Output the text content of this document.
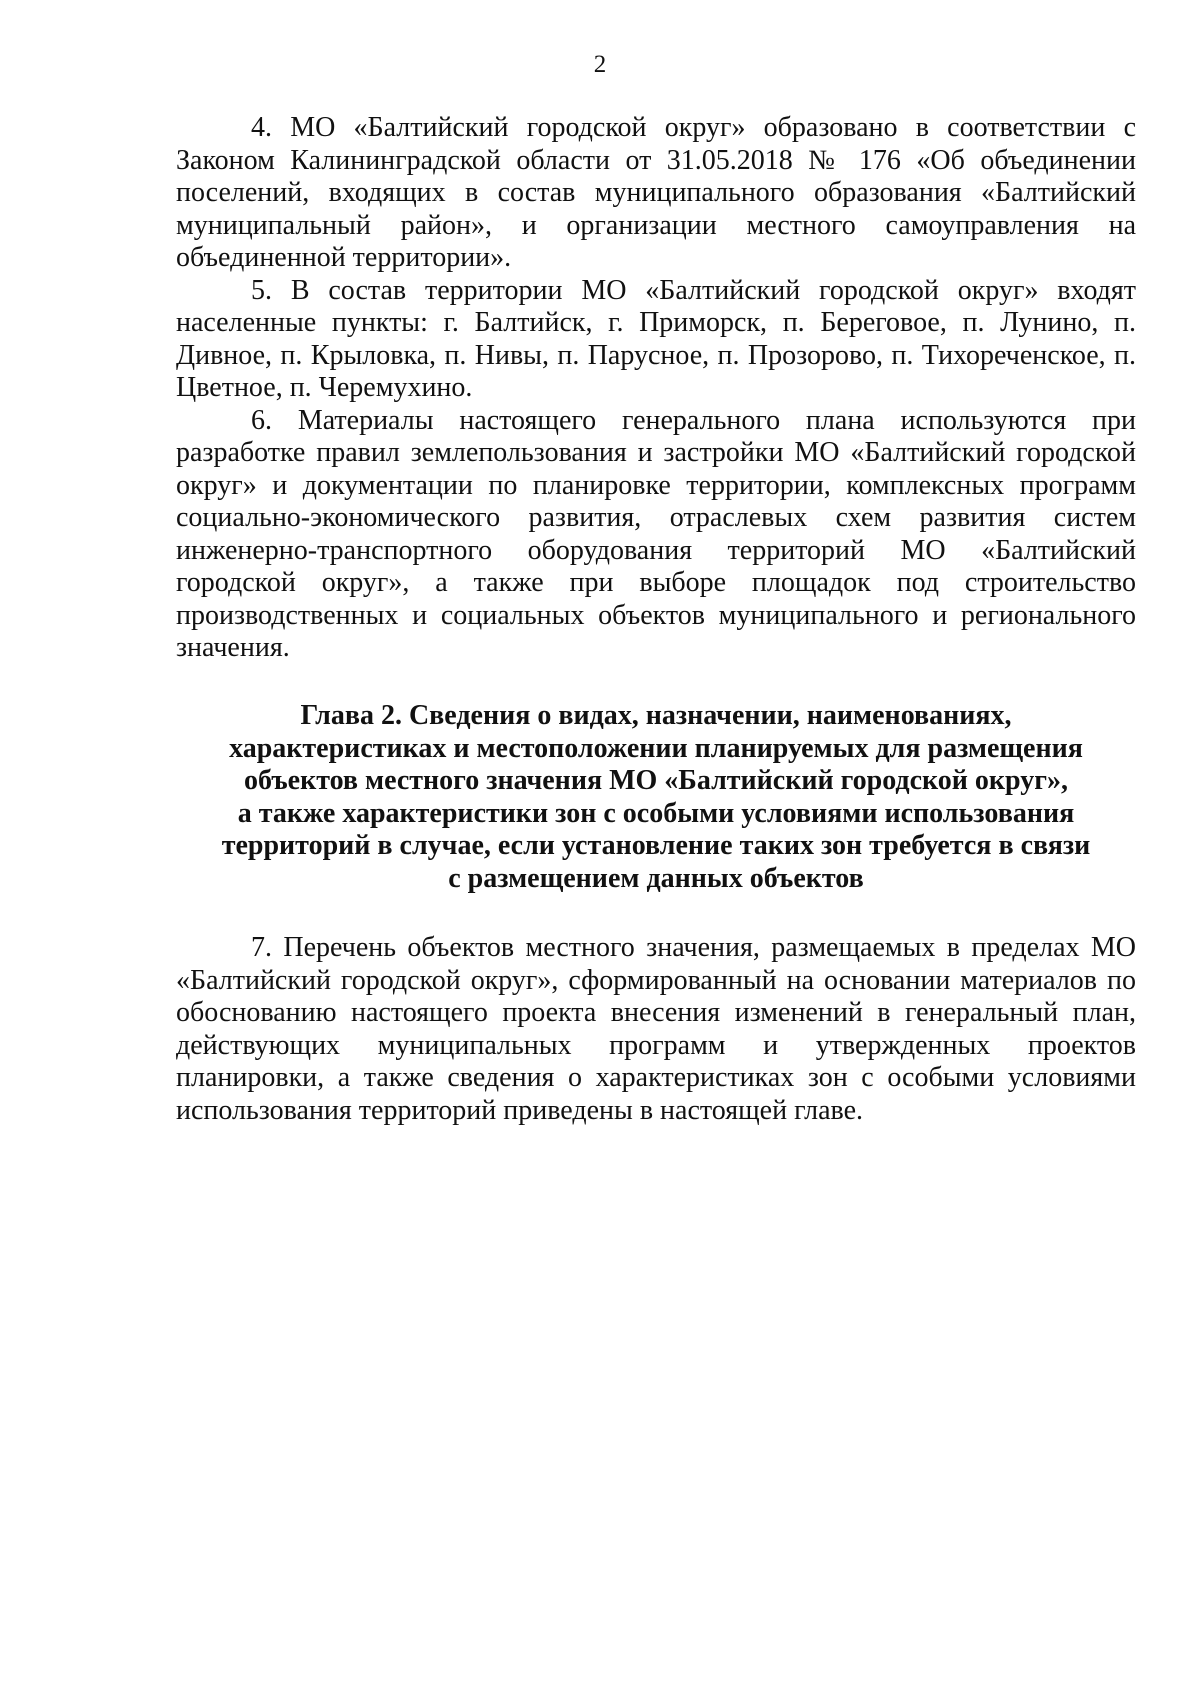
2

4. МО «Балтийский городской округ» образовано в соответствии с Законом Калининградской области от 31.05.2018 № 176 «Об объединении поселений, входящих в состав муниципального образования «Балтийский муниципальный район», и организации местного самоуправления на объединенной территории».

5. В состав территории МО «Балтийский городской округ» входят населенные пункты: г. Балтийск, г. Приморск, п. Береговое, п. Лунино, п. Дивное, п. Крыловка, п. Нивы, п. Парусное, п. Прозорово, п. Тихореченское, п. Цветное, п. Черемухино.

6. Материалы настоящего генерального плана используются при разработке правил землепользования и застройки МО «Балтийский городской округ» и документации по планировке территории, комплексных программ социально-экономического развития, отраслевых схем развития систем инженерно-транспортного оборудования территорий МО «Балтийский городской округ», а также при выборе площадок под строительство производственных и социальных объектов муниципального и регионального значения.

Глава 2. Сведения о видах, назначении, наименованиях,
характеристиках и местоположении планируемых для размещения
объектов местного значения МО «Балтийский городской округ»,
а также характеристики зон с особыми условиями использования
территорий в случае, если установление таких зон требуется в связи
с размещением данных объектов

7. Перечень объектов местного значения, размещаемых в пределах МО «Балтийский городской округ», сформированный на основании материалов по обоснованию настоящего проекта внесения изменений в генеральный план, действующих муниципальных программ и утвержденных проектов планировки, а также сведения о характеристиках зон с особыми условиями использования территорий приведены в настоящей главе.
